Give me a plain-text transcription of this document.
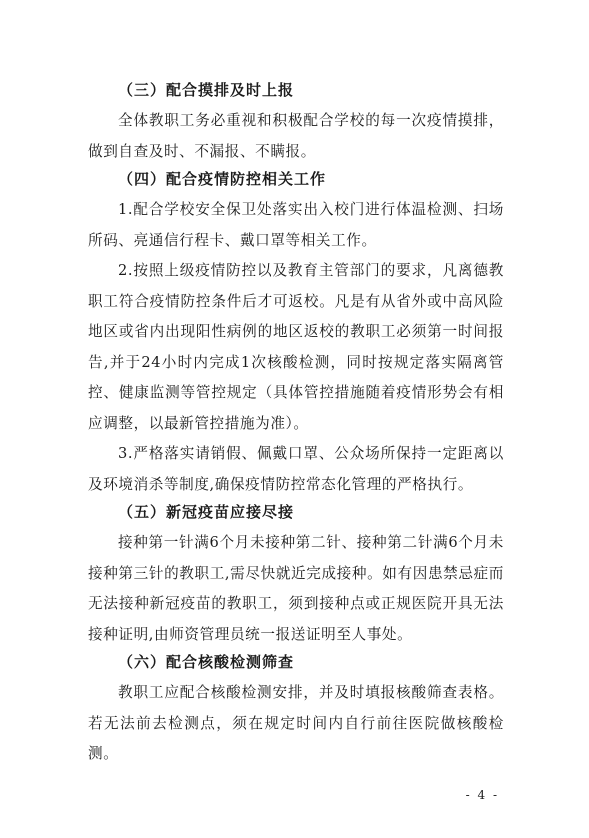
（三）配合摸排及时上报

全体教职工务必重视和积极配合学校的每一次疫情摸排，做到自查及时、不漏报、不瞒报。

（四）配合疫情防控相关工作

1.配合学校安全保卫处落实出入校门进行体温检测、扫场所码、亮通信行程卡、戴口罩等相关工作。

2.按照上级疫情防控以及教育主管部门的要求，凡离德教职工符合疫情防控条件后才可返校。凡是有从省外或中高风险地区或省内出现阳性病例的地区返校的教职工必须第一时间报告,并于24小时内完成1次核酸检测，同时按规定落实隔离管控、健康监测等管控规定（具体管控措施随着疫情形势会有相应调整，以最新管控措施为准）。

3.严格落实请销假、佩戴口罩、公众场所保持一定距离以及环境消杀等制度,确保疫情防控常态化管理的严格执行。

（五）新冠疫苗应接尽接

接种第一针满6个月未接种第二针、接种第二针满6个月未接种第三针的教职工,需尽快就近完成接种。如有因患禁忌症而无法接种新冠疫苗的教职工，须到接种点或正规医院开具无法接种证明,由师资管理员统一报送证明至人事处。

（六）配合核酸检测筛查

教职工应配合核酸检测安排，并及时填报核酸筛查表格。若无法前去检测点，须在规定时间内自行前往医院做核酸检测。

- 4 -
